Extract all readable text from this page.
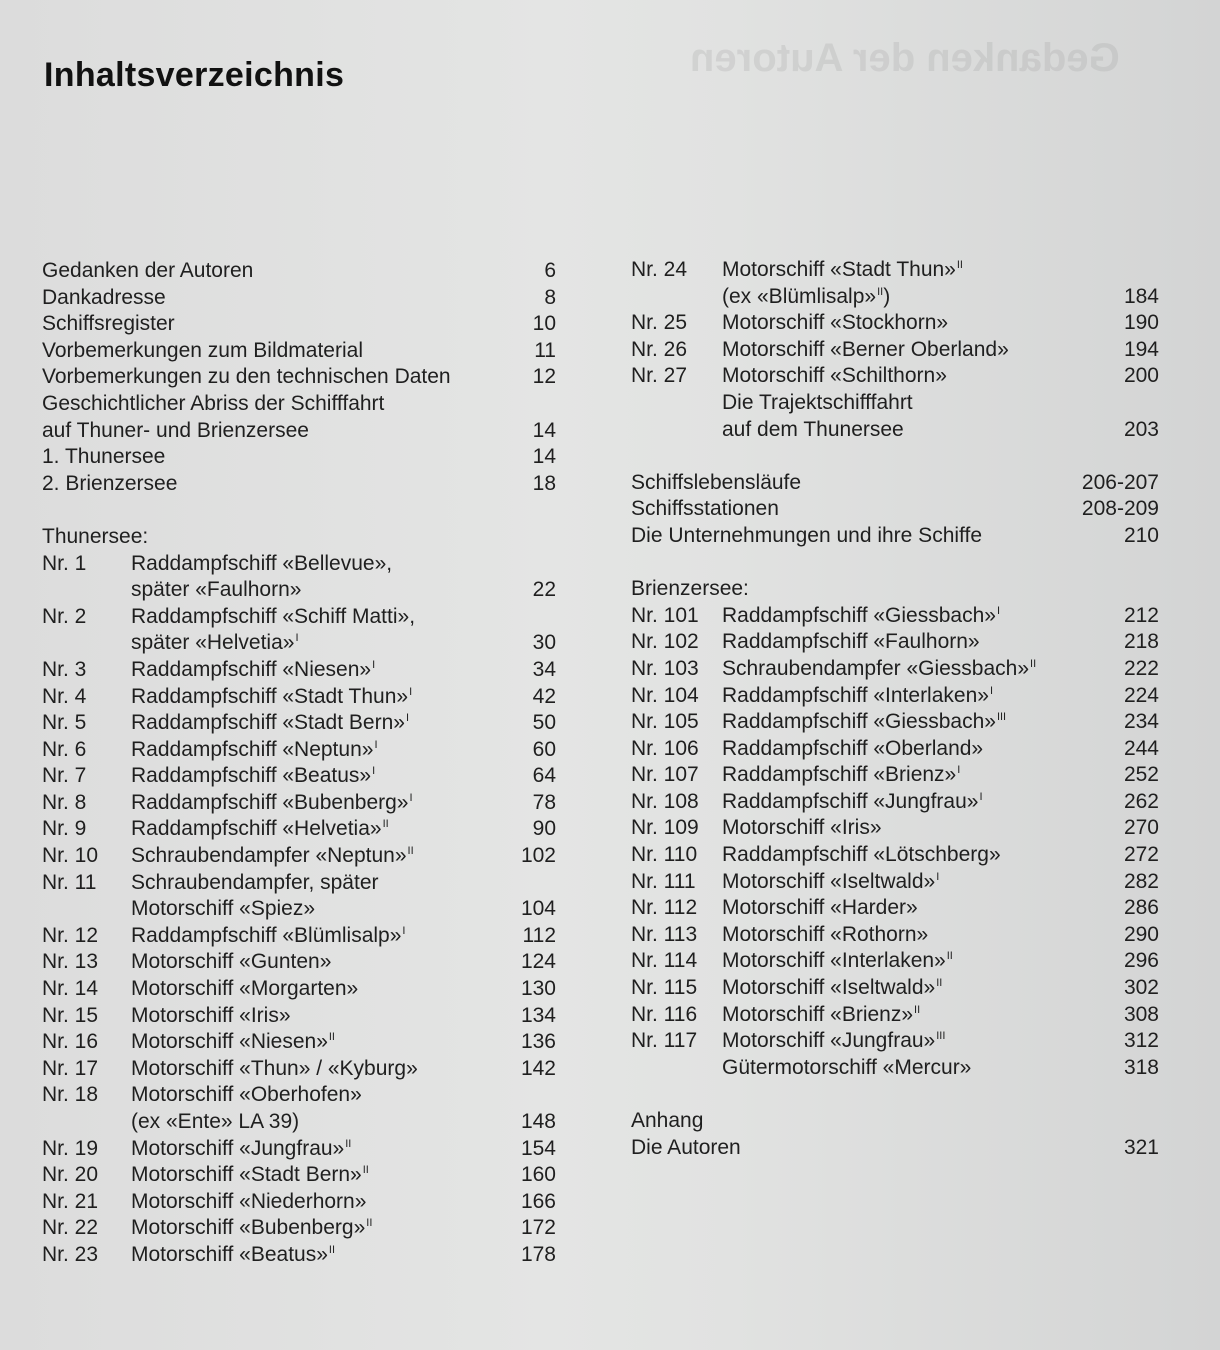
Inhaltsverzeichnis	Gedanken der Autoren
Gedanken der Autoren	6
Dankadresse	8
Schiffsregister	10
Vorbemerkungen zum Bildmaterial	11
Vorbemerkungen zu den technischen Daten	12
Geschichtlicher Abriss der Schifffahrt
auf Thuner- und Brienzersee	14
1. Thunersee	14
2. Brienzersee	18
Thunersee:
Nr. 1 Raddampfschiff «Bellevue»,
später «Faulhorn»	22
Nr. 2 Raddampfschiff «Schiff Matti»,
später «Helvetia»$^I$	30
Nr. 3 Raddampfschiff «Niesen»$^I$	34
Nr. 4 Raddampfschiff «Stadt Thun»$^I$	42
Nr. 5 Raddampfschiff «Stadt Bern»$^I$	50
Nr. 6 Raddampfschiff «Neptun»$^I$	60
Nr. 7 Raddampfschiff «Beatus»$^I$	64
Nr. 8 Raddampfschiff «Bubenberg»$^I$	78
Nr. 9 Raddampfschiff «Helvetia»$^{II}$	90
Nr. 10 Schraubendampfer «Neptun»$^{II}$	102
Nr. 11 Schraubendampfer, später
Motorschiff «Spiez»	104
Nr. 12 Raddampfschiff «Blümlisalp»$^I$	112
Nr. 13 Motorschiff «Gunten»	124
Nr. 14 Motorschiff «Morgarten»	130
Nr. 15 Motorschiff «Iris»	134
Nr. 16 Motorschiff «Niesen»$^{II}$	136
Nr. 17 Motorschiff «Thun» / «Kyburg»	142
Nr. 18 Motorschiff «Oberhofen»
(ex «Ente» LA 39)	148
Nr. 19 Motorschiff «Jungfrau»$^{II}$	154
Nr. 20 Motorschiff «Stadt Bern»$^{II}$	160
Nr. 21 Motorschiff «Niederhorn»	166
Nr. 22 Motorschiff «Bubenberg»$^{II}$	172
Nr. 23 Motorschiff «Beatus»$^{II}$	178
Nr. 24 Motorschiff «Stadt Thun»$^{II}$
(ex «Blümlisalp»$^{II}$)	184
Nr. 25 Motorschiff «Stockhorn»	190
Nr. 26 Motorschiff «Berner Oberland»	194
Nr. 27 Motorschiff «Schilthorn»	200
Die Trajektschifffahrt
auf dem Thunersee	203
Schiffslebensläufe	206-207
Schiffsstationen	208-209
Die Unternehmungen und ihre Schiffe	210
Brienzersee:
Nr. 101 Raddampfschiff «Giessbach»$^I$	212
Nr. 102 Raddampfschiff «Faulhorn»	218
Nr. 103 Schraubendampfer «Giessbach»$^{II}$	222
Nr. 104 Raddampfschiff «Interlaken»$^I$	224
Nr. 105 Raddampfschiff «Giessbach»$^{III}$	234
Nr. 106 Raddampfschiff «Oberland»	244
Nr. 107 Raddampfschiff «Brienz»$^I$	252
Nr. 108 Raddampfschiff «Jungfrau»$^I$	262
Nr. 109 Motorschiff «Iris»	270
Nr. 110 Raddampfschiff «Lötschberg»	272
Nr. 111 Motorschiff «Iseltwald»$^I$	282
Nr. 112 Motorschiff «Harder»	286
Nr. 113 Motorschiff «Rothorn»	290
Nr. 114 Motorschiff «Interlaken»$^{II}$	296
Nr. 115 Motorschiff «Iseltwald»$^{II}$	302
Nr. 116 Motorschiff «Brienz»$^{II}$	308
Nr. 117 Motorschiff «Jungfrau»$^{III}$	312
Gütermotorschiff «Mercur»	318
Anhang
Die Autoren	321
